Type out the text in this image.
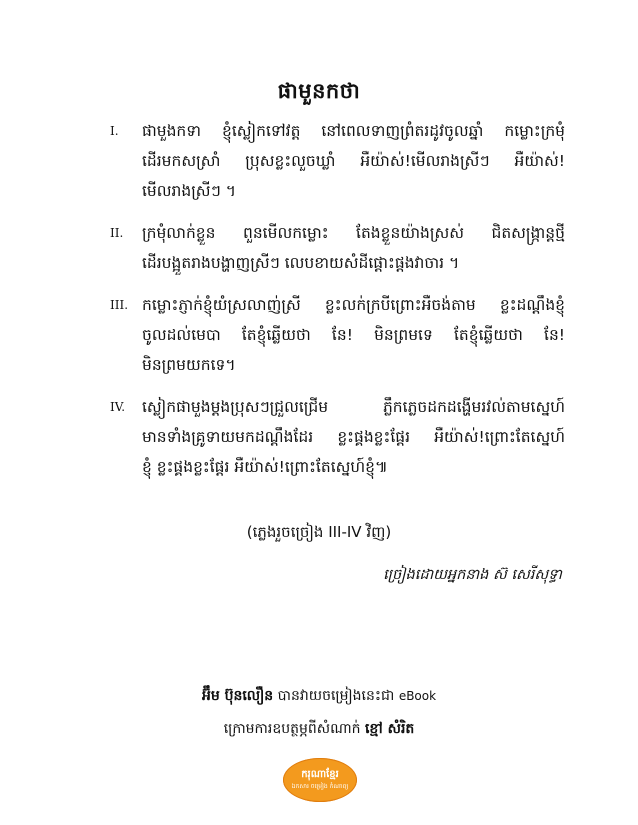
ផាមួនកថា
I.	ផាមួងកទា ខ្ញុំស្លៀកទៅវត្ត នៅពេលទាញព្រំតរដូវចូលឆ្នាំ កម្លោះក្រមុំ
ដើរមកសស្រាំ ប្រុសខ្លះលួចឃ្លាំ អឺយ៉ាស់!មើលរាងស្រីៗ អឺយ៉ាស់!
មើលរាងស្រីៗ ។
II.	ក្រមុំលាក់ខ្លួន ពួនមើលកម្លោះ តែងខ្លួនយ៉ាងស្រស់ ជិតសង្ក្រាន្តថ្មី
ដើរបង្អួតរាងបង្ហាញស្រីៗ លេបខាយសំដីផ្ដោះផ្ដងវាចារ ។
III. កម្លោះភ្ញាក់ខ្ញុំយំស្រលាញ់ស្រី ខ្លះលក់ក្របីព្រោះអឺចង់តាម ខ្លះដណ្ដឹងខ្ញុំ
ចូលដល់មេបា តែខ្ញុំឆ្លើយថា នែ! មិនព្រមទេ តែខ្ញុំឆ្លើយថា នែ!
មិនព្រមយកទេ។
IV.	ស្លៀកផាមួងម្ដងប្រុសៗជ្រួលជ្រើម ភ្លឹកភ្លេចដកដង្ហើមរវល់តាមស្នេហ៍
មានទាំងគ្រូទាយមកដណ្ដឹងដែរ ខ្លះផ្គងខ្លះផ្ដែរ អឺយ៉ាស់!ព្រោះតែស្នេហ៍
ខ្ញុំ ខ្លះផ្គងខ្លះផ្ដែរ អឺយ៉ាស់!ព្រោះតែស្នេហ៍ខ្ញុំ៕
(ភ្លេងរួចច្រៀង III-IV វិញ)
ច្រៀងដោយអ្នកនាង ស៊ សេរីសុទ្ធា
អ៊ឹម ប៊ុនលឿន បានវាយចម្រៀងនេះជា eBook
ក្រោមការឧបត្ថម្ភពីសំណាក់ ខ្មៅ សំរិត
ករុណាខ្មែរ
ឯកសារ ចម្រៀង កំណាព្យ
